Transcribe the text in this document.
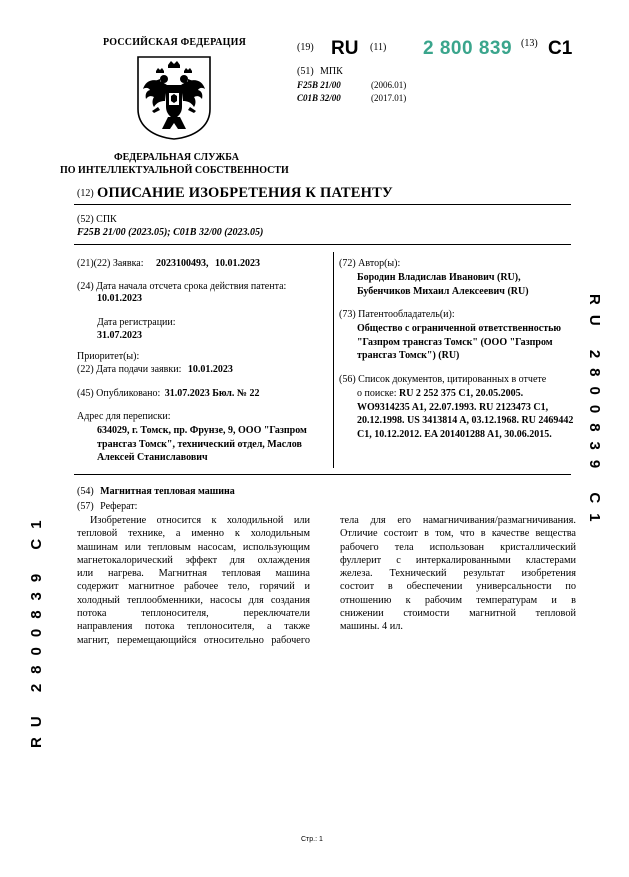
РОССИЙСКАЯ ФЕДЕРАЦИЯ
ФЕДЕРАЛЬНАЯ СЛУЖБА
ПО ИНТЕЛЛЕКТУАЛЬНОЙ СОБСТВЕННОСТИ
(19) RU (11) 2 800 839 (13) C1
(51) МПК
F25B 21/00	(2006.01)
C01B 32/00	(2017.01)
(12) ОПИСАНИЕ ИЗОБРЕТЕНИЯ К ПАТЕНТУ
(52) СПК
F25B 21/00 (2023.05); C01B 32/00 (2023.05)
(21)(22) Заявка: 2023100493, 10.01.2023
(24) Дата начала отсчета срока действия патента:
10.01.2023
Дата регистрации:
31.07.2023
Приоритет(ы):
(22) Дата подачи заявки: 10.01.2023
(45) Опубликовано: 31.07.2023 Бюл. № 22
Адрес для переписки:
634029, г. Томск, пр. Фрунзе, 9, ООО "Газпром
трансгаз Томск", технический отдел, Маслов
Алексей Станиславович
(72) Автор(ы):
Бородин Владислав Иванович (RU),
Бубенчиков Михаил Алексеевич (RU)
(73) Патентообладатель(и):
Общество с ограниченной ответственностью
"Газпром трансгаз Томск" (ООО "Газпром
трансгаз Томск") (RU)
(56) Список документов, цитированных в отчете
о поиске: RU 2 252 375 C1, 20.05.2005.
WO9314235 A1, 22.07.1993. RU 2123473 C1,
20.12.1998. US 3413814 A, 03.12.1968. RU 2469442
C1, 10.12.2012. EA 201401288 A1, 30.06.2015.
(54) Магнитная тепловая машина
(57) Реферат:
Изобретение относится к холодильной или
тепловой технике, а именно к холодильным
машинам или тепловым насосам, использующим
магнетокалорический эффект для охлаждения
или нагрева. Магнитная тепловая машина
содержит магнитное рабочее тело, горячий и
холодный теплообменники, насосы для создания
потока теплоносителя, переключатели
направления потока теплоносителя, а также
магнит, перемещающийся относительно рабочего
тела для его намагничивания/размагничивания.
Отличие состоит в том, что в качестве вещества
рабочего тела использован кристаллический
фуллерит с интеркалированными кластерами
железа. Технический результат изобретения
состоит в обеспечении универсальности по
отношению к рабочим температурам и в
снижении стоимости магнитной тепловой
машины. 4 ил.
RU 2800839 C1
RU 2800839 C1
Стр.: 1
